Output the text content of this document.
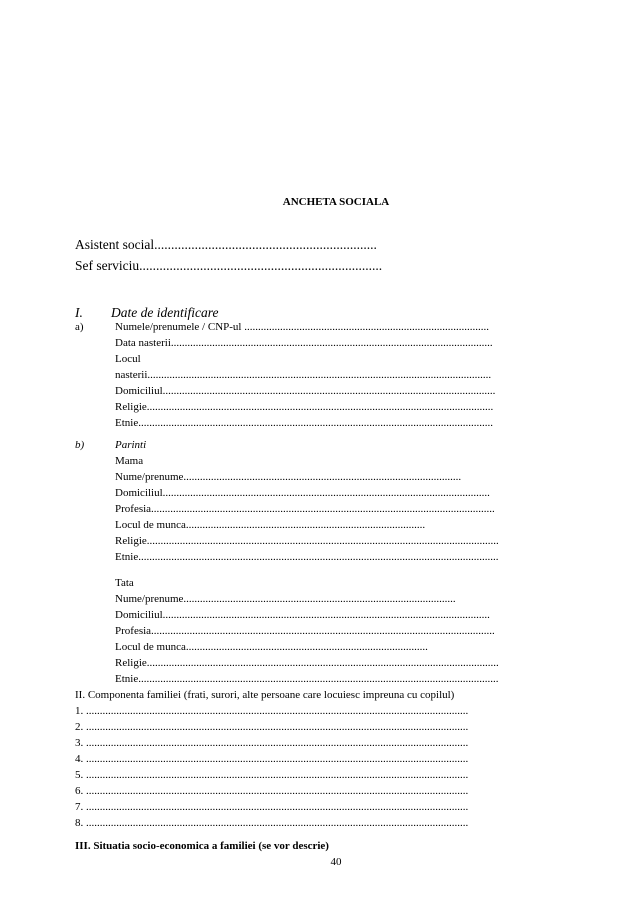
ANCHETA SOCIALA
Asistent social..................................................................
Sef serviciu........................................................................
I. Date de identificare
a)	Numele/prenumele / CNP-ul .........................................................................................
Data nasterii.....................................................................................................................
Locul
nasterii.............................................................................................................................
Domiciliul.........................................................................................................................
Religie..............................................................................................................................
Etnie.................................................................................................................................
b)	Parinti
Mama
Nume/prenume.....................................................................................................
Domiciliul.......................................................................................................................
Profesia.............................................................................................................................
Locul de munca.......................................................................................
Religie................................................................................................................................
Etnie...................................................................................................................................
Tata
Nume/prenume...................................................................................................
Domiciliul.......................................................................................................................
Profesia.............................................................................................................................
Locul de munca........................................................................................
Religie................................................................................................................................
Etnie...................................................................................................................................
II. Componenta familiei (frati, surori, alte persoane care locuiesc impreuna cu copilul)
1. ...........................................................................................................................................
2. ...........................................................................................................................................
3. ...........................................................................................................................................
4. ...........................................................................................................................................
5. ...........................................................................................................................................
6. ...........................................................................................................................................
7. ...........................................................................................................................................
8. ...........................................................................................................................................
III. Situatia socio-economica a familiei (se vor descrie)
40
